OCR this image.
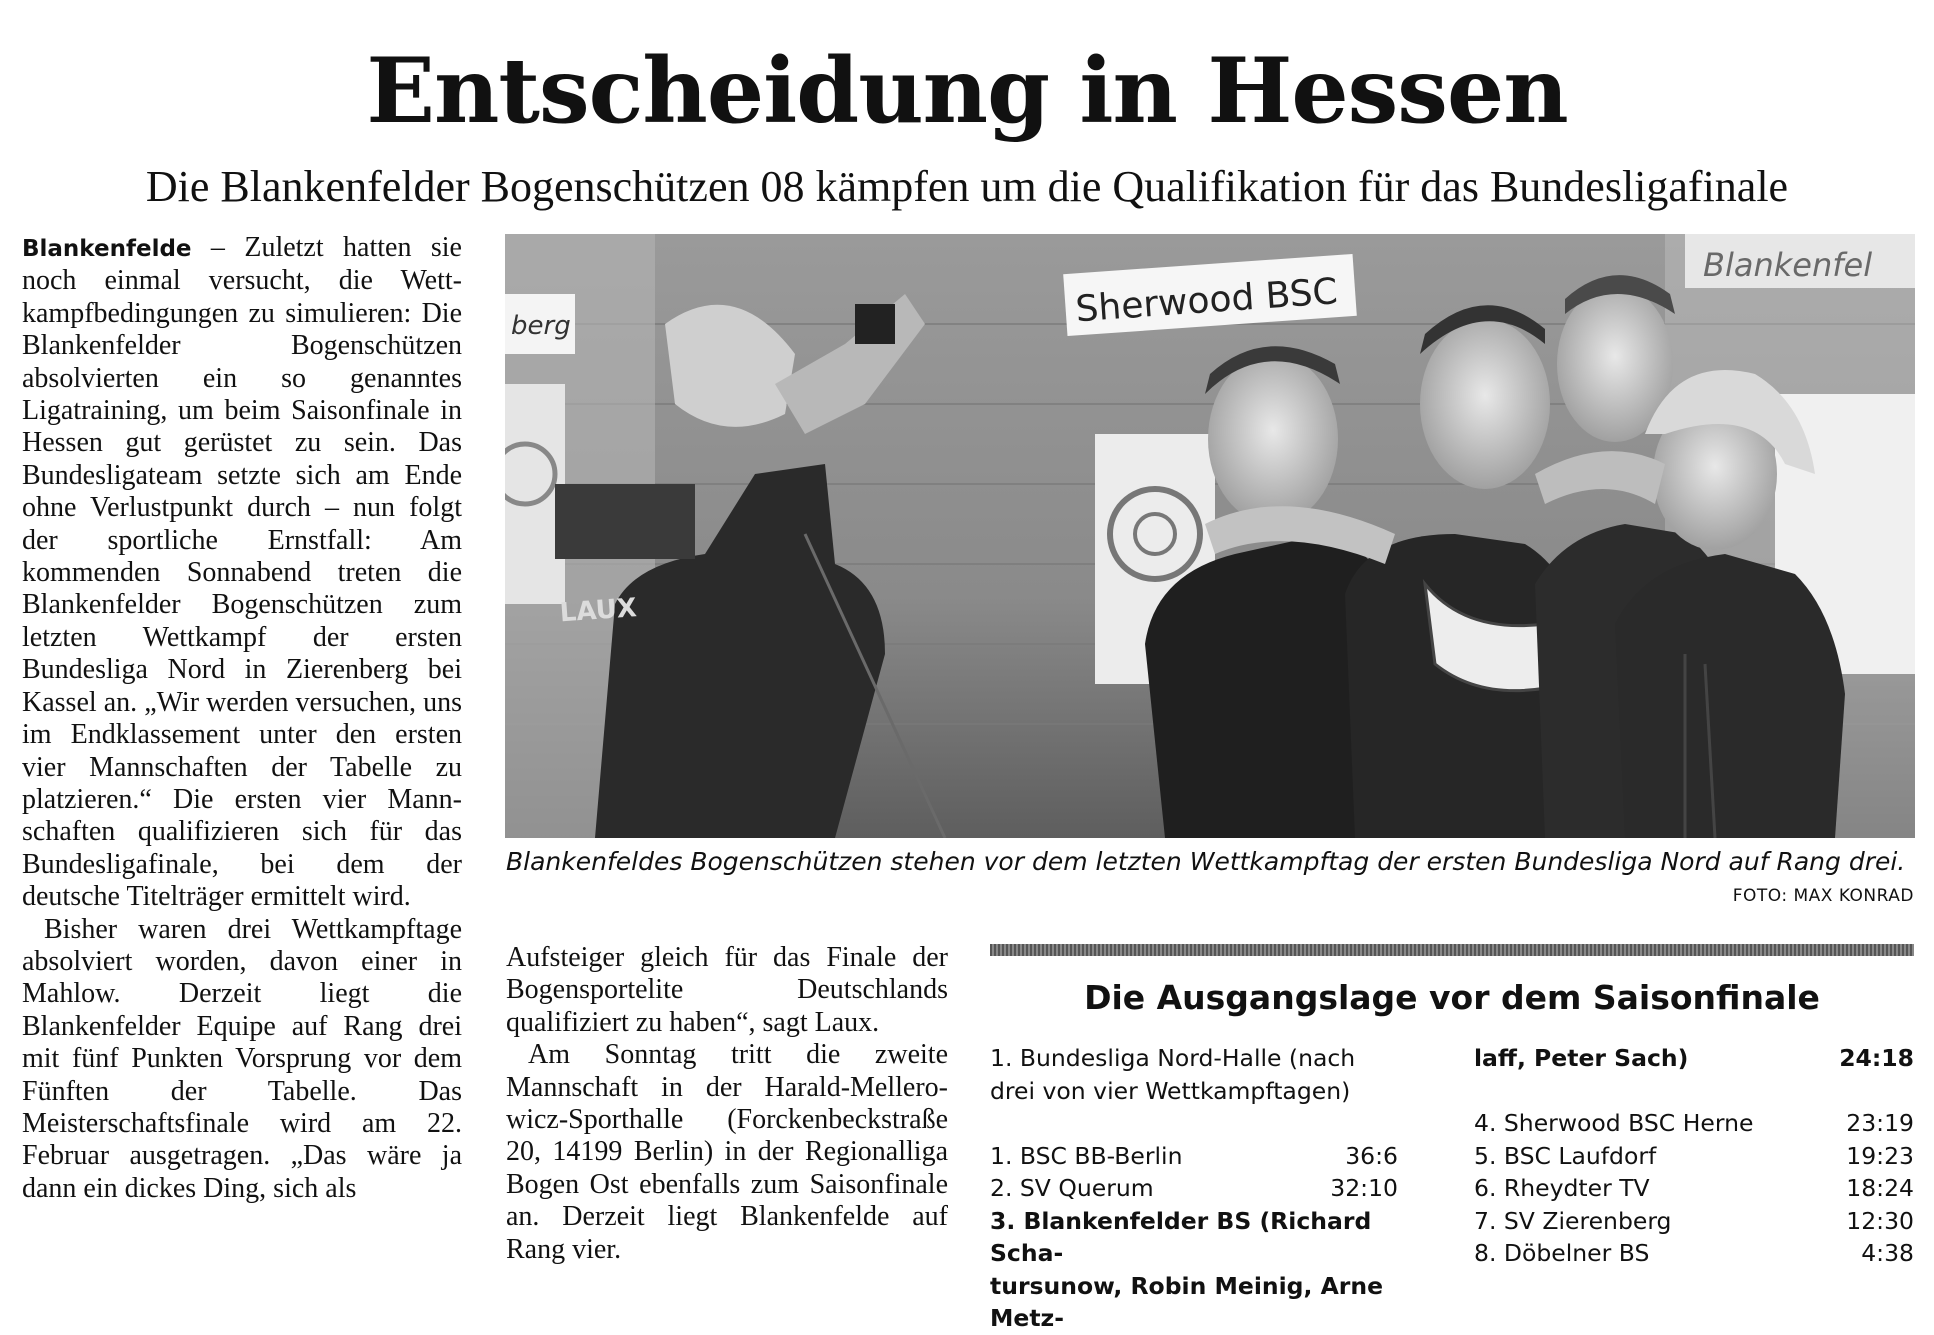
Entscheidung in Hessen
Die Blankenfelder Bogenschützen 08 kämpfen um die Qualifikation für das Bundesligafinale

Blankenfelde – Zuletzt hatten sie noch einmal versucht, die Wettkampfbedingungen zu simulieren: Die Blankenfelder Bogenschützen absolvierten ein so genanntes Ligatraining, um beim Saisonfinale in Hessen gut gerüstet zu sein. Das Bundesligateam setzte sich am Ende ohne Verlustpunkt durch – nun folgt der sportliche Ernstfall: Am kommenden Sonnabend treten die Blankenfelder Bogenschützen zum letzten Wettkampf der ersten Bundesliga Nord in Zierenberg bei Kassel an. „Wir werden versuchen, uns im Endklassement unter den ersten vier Mannschaften der Tabelle zu platzieren.“ Die ersten vier Mannschaften qualifizieren sich für das Bundesligafinale, bei dem der deutsche Titelträger ermittelt wird.

Bisher waren drei Wettkampftage absolviert worden, davon einer in Mahlow. Derzeit liegt die Blankenfelder Equipe auf Rang drei mit fünf Punkten Vorsprung vor dem Fünften der Tabelle. Das Meisterschaftsfinale wird am 22. Februar ausgetragen. „Das wäre ja dann ein dickes Ding, sich als

berg	Sherwood BSC
Blankenfel
LAUX
Blankenfeldes Bogenschützen stehen vor dem letzten Wettkampftag der ersten Bundesliga Nord auf Rang drei.
FOTO: MAX KONRAD

Aufsteiger gleich für das Finale der Bogensportelite Deutschlands qualifiziert zu haben“, sagt Laux.

Am Sonntag tritt die zweite Mannschaft in der Harald-Mellerowicz-Sporthalle (Forckenbeckstraße 20, 14199 Berlin) in der Regionalliga Bogen Ost ebenfalls zum Saisonfinale an. Derzeit liegt Blankenfelde auf Rang vier.

Die Ausgangslage vor dem Saisonfinale
1. Bundesliga Nord-Halle (nach drei von vier Wettkampftagen)
1. BSC BB-Berlin	36:6
2. SV Querum	32:10
3. Blankenfelder BS (Richard Scha-
tursunow, Robin Meinig, Arne Metz-
laff, Peter Sach)	24:18
4. Sherwood BSC Herne	23:19
5. BSC Laufdorf	19:23
6. Rheydter TV	18:24
7. SV Zierenberg	12:30
8. Döbelner BS	4:38
